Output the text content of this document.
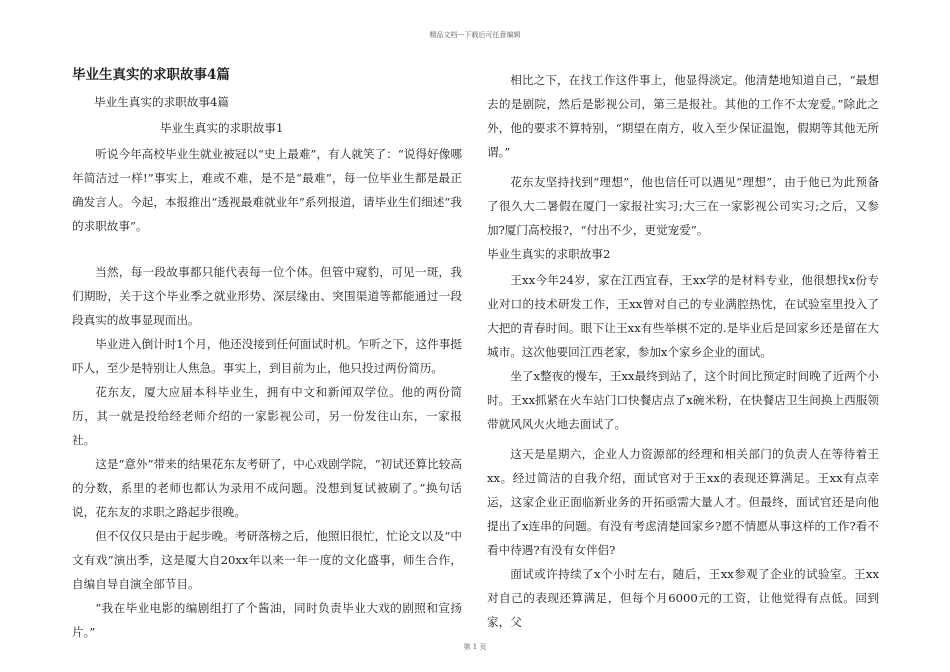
精品文档---下载后可任意编辑
毕业生真实的求职故事4篇

毕业生真实的求职故事4篇

毕业生真实的求职故事1

听说今年高校毕业生就业被冠以“史上最难”，有人就笑了：“说得好像哪年简洁过一样!”事实上，难或不难，是不是“最难”，每一位毕业生都是最正确发言人。今起，本报推出“透视最难就业年”系列报道，请毕业生们细述“我的求职故事”。

当然，每一段故事都只能代表每一位个体。但管中窥豹，可见一斑，我们期盼，关于这个毕业季之就业形势、深层缘由、突围渠道等都能通过一段段真实的故事显现而出。

毕业进入倒计时1个月，他还没接到任何面试时机。乍听之下，这件事挺吓人，至少是特别让人焦急。事实上，到目前为止，他只投过两份简历。

花东友，厦大应届本科毕业生，拥有中文和新闻双学位。他的两份简历，其一就是投给经老师介绍的一家影视公司，另一份发往山东，一家报社。

这是“意外”带来的结果花东友考研了，中心戏剧学院，“初试还算比较高的分数，系里的老师也都认为录用不成问题。没想到复试被刷了。”换句话说，花东友的求职之路起步很晚。

但不仅仅只是由于起步晚。考研落榜之后，他照旧很忙，忙论文以及“中文有戏”演出季，这是厦大自20xx年以来一年一度的文化盛事，师生合作，自编自导自演全部节目。

“我在毕业电影的编剧组打了个酱油，同时负责毕业大戏的剧照和宣扬片。”

相比之下，在找工作这件事上，他显得淡定。他清楚地知道自己，“最想去的是剧院，然后是影视公司，第三是报社。其他的工作不太宠爱。”除此之外，他的要求不算特别，“期望在南方，收入至少保证温饱，假期等其他无所谓。”

花东友坚持找到“理想”，他也信任可以遇见“理想”，由于他已为此预备了很久大二暑假在厦门一家报社实习;大三在一家影视公司实习;之后，又参加?厦门高校报?，“付出不少，更觉宠爱”。

毕业生真实的求职故事2

王xx今年24岁，家在江西宜春，王xx学的是材料专业，他很想找x份专业对口的技术研发工作，王xx曾对自己的专业满腔热忱，在试验室里投入了大把的青春时间。眼下让王xx有些举棋不定的.是毕业后是回家乡还是留在大城市。这次他要回江西老家，参加x个家乡企业的面试。

坐了x整夜的慢车，王xx最终到站了，这个时间比预定时间晚了近两个小时。王xx抓紧在火车站门口快餐店点了x碗米粉，在快餐店卫生间换上西服领带就风风火火地去面试了。

这天是星期六，企业人力资源部的经理和相关部门的负责人在等待着王xx。经过简洁的自我介绍，面试官对于王xx的表现还算满足。王xx有点幸运，这家企业正面临新业务的开拓亟需大量人才。但最终，面试官还是向他提出了x连串的问题。有没有考虑清楚回家乡?愿不情愿从事这样的工作?看不看中待遇?有没有女伴侣?

面试或许持续了x个小时左右，随后，王xx参观了企业的试验室。王xx对自己的表现还算满足，但每个月6000元的工资，让他觉得有点低。回到家，父

第 1 页
